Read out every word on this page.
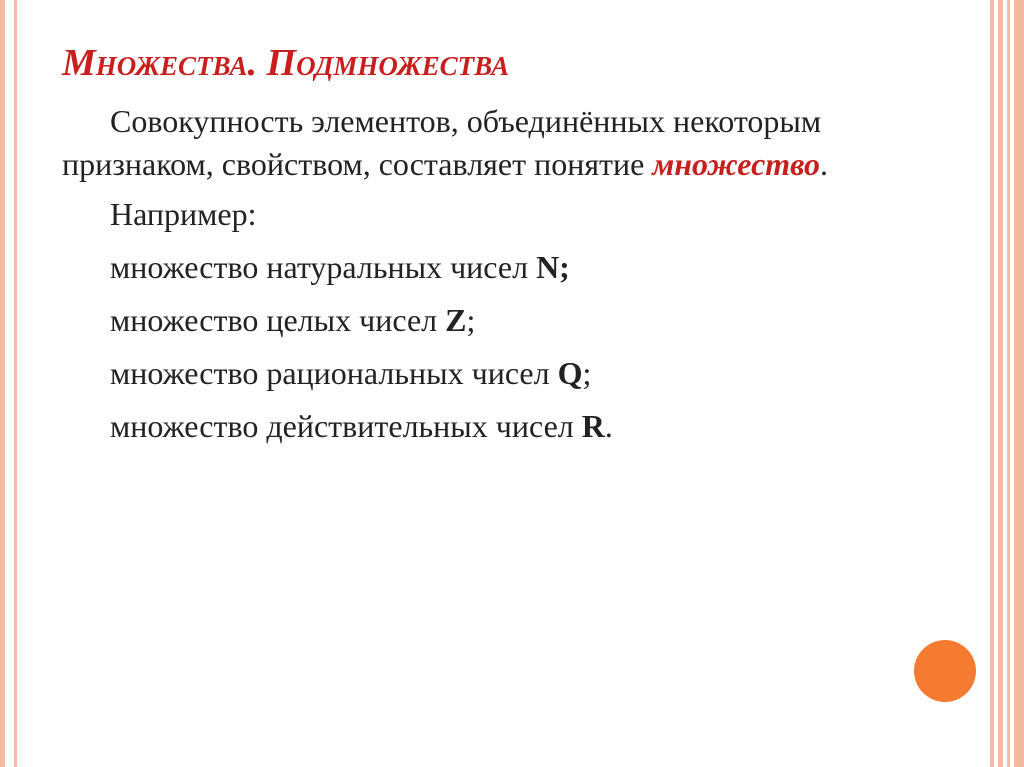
Множества. Подмножества

Совокупность элементов, объединённых некоторым признаком, свойством, составляет понятие множество.

Например:

множество натуральных чисел N;

множество целых чисел Z;

множество рациональных чисел Q;

множество действительных чисел R.
